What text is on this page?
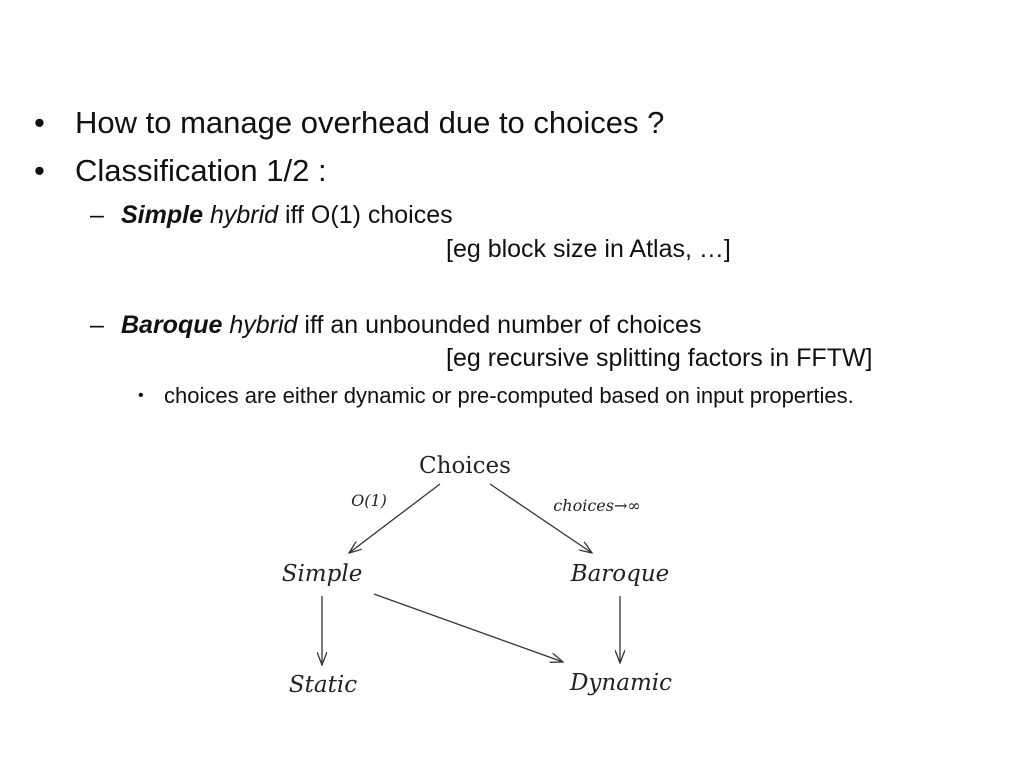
• How to manage overhead due to choices ?
• Classification 1/2 :
– Simple hybrid iff O(1) choices
[eg block size in Atlas, …]
– Baroque hybrid iff an unbounded number of choices
[eg recursive splitting factors in FFTW]
• choices are either dynamic or pre-computed based on input properties.
Choices
Simple	Baroque
Static	Dynamic
O(1)	choices→∞
